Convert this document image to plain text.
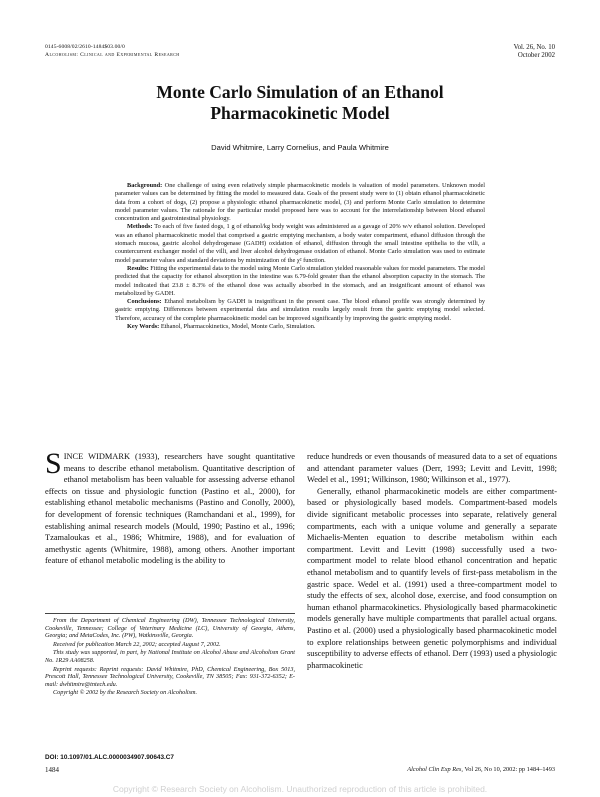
0145-6008/02/2610-1484$03.00/0
Alcoholism: Clinical and Experimental Research
Vol. 26, No. 10
October 2002
Monte Carlo Simulation of an Ethanol
Pharmacokinetic Model
David Whitmire, Larry Cornelius, and Paula Whitmire

Background: One challenge of using even relatively simple pharmacokinetic models is valuation of model parameters. Unknown model parameter values can be determined by fitting the model to measured data. Goals of the present study were to (1) obtain ethanol pharmacokinetic data from a cohort of dogs, (2) propose a physiologic ethanol pharmacokinetic model, (3) and perform Monte Carlo simulation to determine model parameter values. The rationale for the particular model proposed here was to account for the interrelationship between blood ethanol concentration and gastrointestinal physiology.

Methods: To each of five fasted dogs, 1 g of ethanol/kg body weight was administered as a gavage of 20% w/v ethanol solution. Developed was an ethanol pharmacokinetic model that comprised a gastric emptying mechanism, a body water compartment, ethanol diffusion through the stomach mucosa, gastric alcohol dehydrogenase (GADH) oxidation of ethanol, diffusion through the small intestine epithelia to the villi, a countercurrent exchanger model of the villi, and liver alcohol dehydrogenase oxidation of ethanol. Monte Carlo simulation was used to estimate model parameter values and standard deviations by minimization of the χ² function.

Results: Fitting the experimental data to the model using Monte Carlo simulation yielded reasonable values for model parameters. The model predicted that the capacity for ethanol absorption in the intestine was 6.79-fold greater than the ethanol absorption capacity in the stomach. The model indicated that 23.8 ± 8.3% of the ethanol dose was actually absorbed in the stomach, and an insignificant amount of ethanol was metabolized by GADH.

Conclusions: Ethanol metabolism by GADH is insignificant in the present case. The blood ethanol profile was strongly determined by gastric emptying. Differences between experimental data and simulation results largely result from the gastric emptying model selected. Therefore, accuracy of the complete pharmacokinetic model can be improved significantly by improving the gastric emptying model.

Key Words: Ethanol, Pharmacokinetics, Model, Monte Carlo, Simulation.

SINCE WIDMARK (1933), researchers have sought quantitative means to describe ethanol metabolism. Quantitative description of ethanol metabolism has been valuable for assessing adverse ethanol effects on tissue and physiologic function (Pastino et al., 2000), for establishing ethanol metabolic mechanisms (Pastino and Conolly, 2000), for development of forensic techniques (Ramchandani et al., 1999), for establishing animal research models (Mould, 1990; Pastino et al., 1996; Tzamaloukas et al., 1986; Whitmire, 1988), and for evaluation of amethystic agents (Whitmire, 1988), among others. Another important feature of ethanol metabolic modeling is the ability to

reduce hundreds or even thousands of measured data to a set of equations and attendant parameter values (Derr, 1993; Levitt and Levitt, 1998; Wedel et al., 1991; Wilkinson, 1980; Wilkinson et al., 1977).

Generally, ethanol pharmacokinetic models are either compartment-based or physiologically based models. Compartment-based models divide significant metabolic processes into separate, relatively general compartments, each with a unique volume and generally a separate Michaelis-Menten equation to describe metabolism within each compartment. Levitt and Levitt (1998) successfully used a two-compartment model to relate blood ethanol concentration and hepatic ethanol metabolism and to quantify levels of first-pass metabolism in the gastric space. Wedel et al. (1991) used a three-compartment model to study the effects of sex, alcohol dose, exercise, and food consumption on human ethanol pharmacokinetics. Physiologically based pharmacokinetic models generally have multiple compartments that parallel actual organs. Pastino et al. (2000) used a physiologically based pharmacokinetic model to explore relationships between genetic polymorphisms and individual susceptibility to adverse effects of ethanol. Derr (1993) used a physiologic pharmacokinetic

From the Department of Chemical Engineering (DW), Tennessee Technological University, Cookeville, Tennessee; College of Veterinary Medicine (LC), University of Georgia, Athens, Georgia; and MetaCodes, Inc. (PW), Watkinsville, Georgia.

Received for publication March 22, 2002; accepted August 7, 2002.

This study was supported, in part, by National Institute on Alcohol Abuse and Alcoholism Grant No. 1R29 AA08258.

Reprint requests: Reprint requests: David Whitmire, PhD, Chemical Engineering, Box 5013, Prescott Hall, Tennessee Technological University, Cookeville, TN 38505; Fax: 931-372-6352; E-mail: dwhitmire@tntech.edu.

Copyright © 2002 by the Research Society on Alcoholism.

DOI: 10.1097/01.ALC.0000034907.90643.C7
1484	Alcohol Clin Exp Res, Vol 26, No 10, 2002: pp 1484–1493
Copyright © Research Society on Alcoholism. Unauthorized reproduction of this article is prohibited.
